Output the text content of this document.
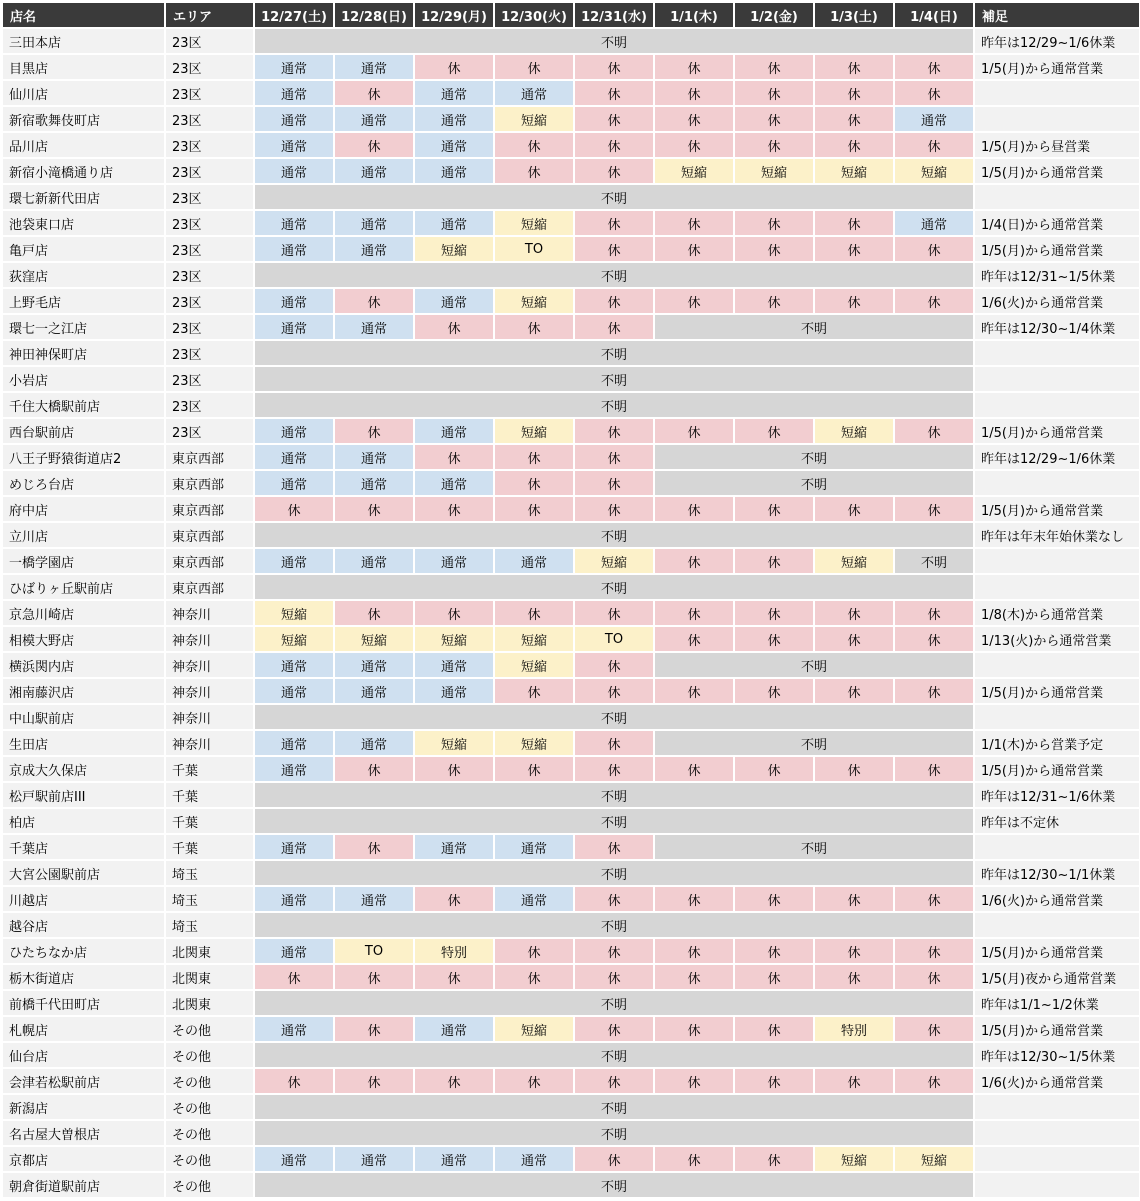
店名	エリア	12/27(土)	12/28(日)	12/29(月)	12/30(火)	12/31(水)	1/1(木)	1/2(金)	1/3(土)	1/4(日)	補足
三田本店	23区	不明									昨年は12/29~1/6休業
目黒店	23区	通常	通常	休	休	休	休	休	休	休	1/5(月)から通常営業
仙川店	23区	通常	休	通常	通常	休	休	休	休	休	
新宿歌舞伎町店	23区	通常	通常	通常	短縮	休	休	休	休	通常	
品川店	23区	通常	休	通常	休	休	休	休	休	休	1/5(月)から昼営業
新宿小滝橋通り店	23区	通常	通常	通常	休	休	短縮	短縮	短縮	短縮	1/5(月)から通常営業
環七新新代田店	23区	不明									
池袋東口店	23区	通常	通常	通常	短縮	休	休	休	休	通常	1/4(日)から通常営業
亀戸店	23区	通常	通常	短縮	TO	休	休	休	休	休	1/5(月)から通常営業
荻窪店	23区	不明									昨年は12/31~1/5休業
上野毛店	23区	通常	休	通常	短縮	休	休	休	休	休	1/6(火)から通常営業
環七一之江店	23区	通常	通常	休	休	休	不明				昨年は12/30~1/4休業
神田神保町店	23区	不明									
小岩店	23区	不明									
千住大橋駅前店	23区	不明									
西台駅前店	23区	通常	休	通常	短縮	休	休	休	短縮	休	1/5(月)から通常営業
八王子野猿街道店2	東京西部	通常	通常	休	休	休	不明				昨年は12/29~1/6休業
めじろ台店	東京西部	通常	通常	通常	休	休	不明				
府中店	東京西部	休	休	休	休	休	休	休	休	休	1/5(月)から通常営業
立川店	東京西部	不明									昨年は年末年始休業なし
一橋学園店	東京西部	通常	通常	通常	通常	短縮	休	休	短縮	不明	
ひばりヶ丘駅前店	東京西部	不明									
京急川崎店	神奈川	短縮	休	休	休	休	休	休	休	休	1/8(木)から通常営業
相模大野店	神奈川	短縮	短縮	短縮	短縮	TO	休	休	休	休	1/13(火)から通常営業
横浜関内店	神奈川	通常	通常	通常	短縮	休	不明				
湘南藤沢店	神奈川	通常	通常	通常	休	休	休	休	休	休	1/5(月)から通常営業
中山駅前店	神奈川	不明									
生田店	神奈川	通常	通常	短縮	短縮	休	不明				1/1(木)から営業予定
京成大久保店	千葉	通常	休	休	休	休	休	休	休	休	1/5(月)から通常営業
松戸駅前店III	千葉	不明									昨年は12/31~1/6休業
柏店	千葉	不明									昨年は不定休
千葉店	千葉	通常	休	通常	通常	休	不明				
大宮公園駅前店	埼玉	不明									昨年は12/30~1/1休業
川越店	埼玉	通常	通常	休	通常	休	休	休	休	休	1/6(火)から通常営業
越谷店	埼玉	不明									
ひたちなか店	北関東	通常	TO	特別	休	休	休	休	休	休	1/5(月)から通常営業
栃木街道店	北関東	休	休	休	休	休	休	休	休	休	1/5(月)夜から通常営業
前橋千代田町店	北関東	不明									昨年は1/1~1/2休業
札幌店	その他	通常	休	通常	短縮	休	休	休	特別	休	1/5(月)から通常営業
仙台店	その他	不明									昨年は12/30~1/5休業
会津若松駅前店	その他	休	休	休	休	休	休	休	休	休	1/6(火)から通常営業
新潟店	その他	不明									
名古屋大曽根店	その他	不明									
京都店	その他	通常	通常	通常	通常	休	休	休	短縮	短縮	
朝倉街道駅前店	その他	不明									
